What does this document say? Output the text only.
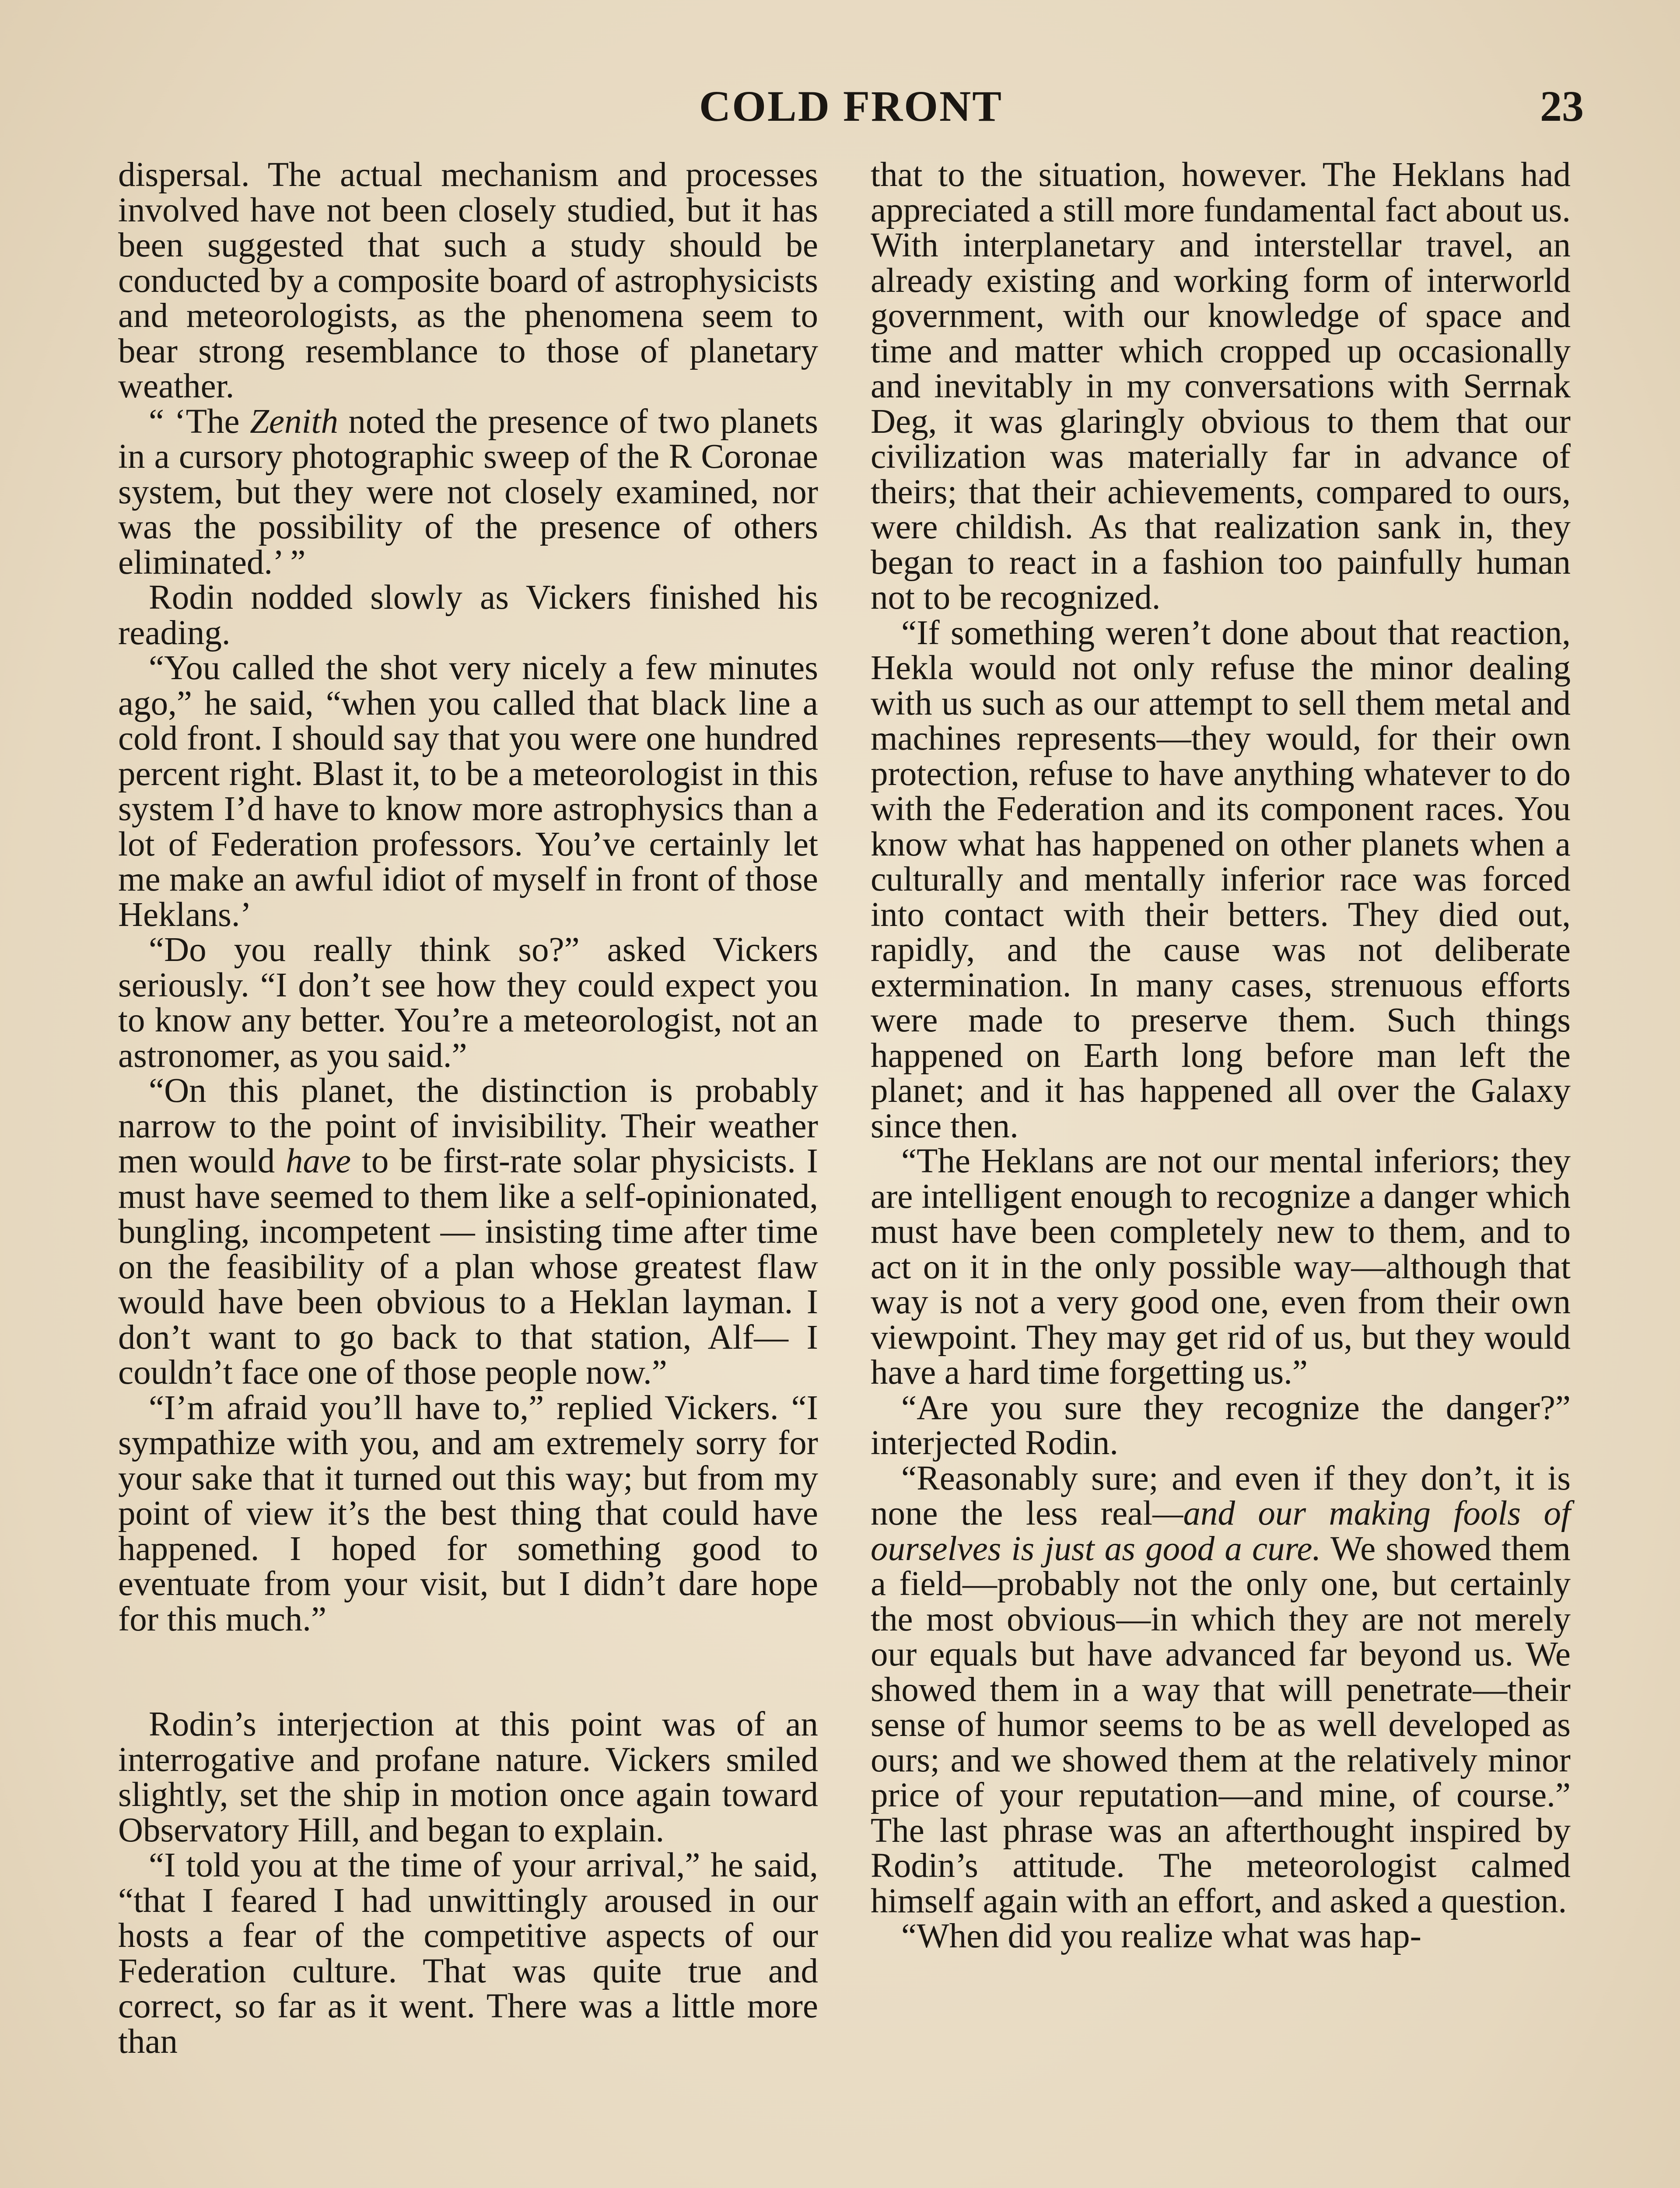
COLD FRONT	23

dispersal. The actual mechanism and processes involved have not been closely studied, but it has been suggested that such a study should be conducted by a composite board of astrophysicists and meteorologists, as the phenomena seem to bear strong resemblance to those of planetary weather.

“ ‘The Zenith noted the presence of two planets in a cursory photographic sweep of the R Coronae system, but they were not closely examined, nor was the possibility of the presence of others eliminated.’ ”

Rodin nodded slowly as Vickers finished his reading.

“You called the shot very nicely a few minutes ago,” he said, “when you called that black line a cold front. I should say that you were one hundred percent right. Blast it, to be a meteorologist in this system I’d have to know more astrophysics than a lot of Federation professors. You’ve certainly let me make an awful idiot of myself in front of those Heklans.’

“Do you really think so?” asked Vickers seriously. “I don’t see how they could expect you to know any better. You’re a meteorologist, not an astronomer, as you said.”

“On this planet, the distinction is probably narrow to the point of invisibility. Their weather men would have to be first-rate solar physicists. I must have seemed to them like a self-opinionated, bungling, incompetent — insisting time after time on the feasibility of a plan whose greatest flaw would have been obvious to a Heklan layman. I don’t want to go back to that station, Alf— I couldn’t face one of those people now.”

“I’m afraid you’ll have to,” replied Vickers. “I sympathize with you, and am extremely sorry for your sake that it turned out this way; but from my point of view it’s the best thing that could have happened. I hoped for something good to eventuate from your visit, but I didn’t dare hope for this much.”

Rodin’s interjection at this point was of an interrogative and profane nature. Vickers smiled slightly, set the ship in motion once again toward Observatory Hill, and began to explain.

“I told you at the time of your arrival,” he said, “that I feared I had unwittingly aroused in our hosts a fear of the competitive aspects of our Federation culture. That was quite true and correct, so far as it went. There was a little more than

that to the situation, however. The Heklans had appreciated a still more fundamental fact about us. With interplanetary and interstellar travel, an already existing and working form of interworld government, with our knowledge of space and time and matter which cropped up occasionally and inevitably in my conversations with Serrnak Deg, it was glaringly obvious to them that our civilization was materially far in advance of theirs; that their achievements, compared to ours, were childish. As that realization sank in, they began to react in a fashion too painfully human not to be recognized.

“If something weren’t done about that reaction, Hekla would not only refuse the minor dealing with us such as our attempt to sell them metal and machines represents—they would, for their own protection, refuse to have anything whatever to do with the Federation and its component races. You know what has happened on other planets when a culturally and mentally inferior race was forced into contact with their betters. They died out, rapidly, and the cause was not deliberate extermination. In many cases, strenuous efforts were made to preserve them. Such things happened on Earth long before man left the planet; and it has happened all over the Galaxy since then.

“The Heklans are not our mental inferiors; they are intelligent enough to recognize a danger which must have been completely new to them, and to act on it in the only possible way—although that way is not a very good one, even from their own viewpoint. They may get rid of us, but they would have a hard time forgetting us.”

“Are you sure they recognize the danger?” interjected Rodin.

“Reasonably sure; and even if they don’t, it is none the less real—and our making fools of ourselves is just as good a cure. We showed them a field—probably not the only one, but certainly the most obvious—in which they are not merely our equals but have advanced far beyond us. We showed them in a way that will penetrate—their sense of humor seems to be as well developed as ours; and we showed them at the relatively minor price of your reputation—and mine, of course.” The last phrase was an afterthought inspired by Rodin’s attitude. The meteorologist calmed himself again with an effort, and asked a question.

“When did you realize what was hap-
